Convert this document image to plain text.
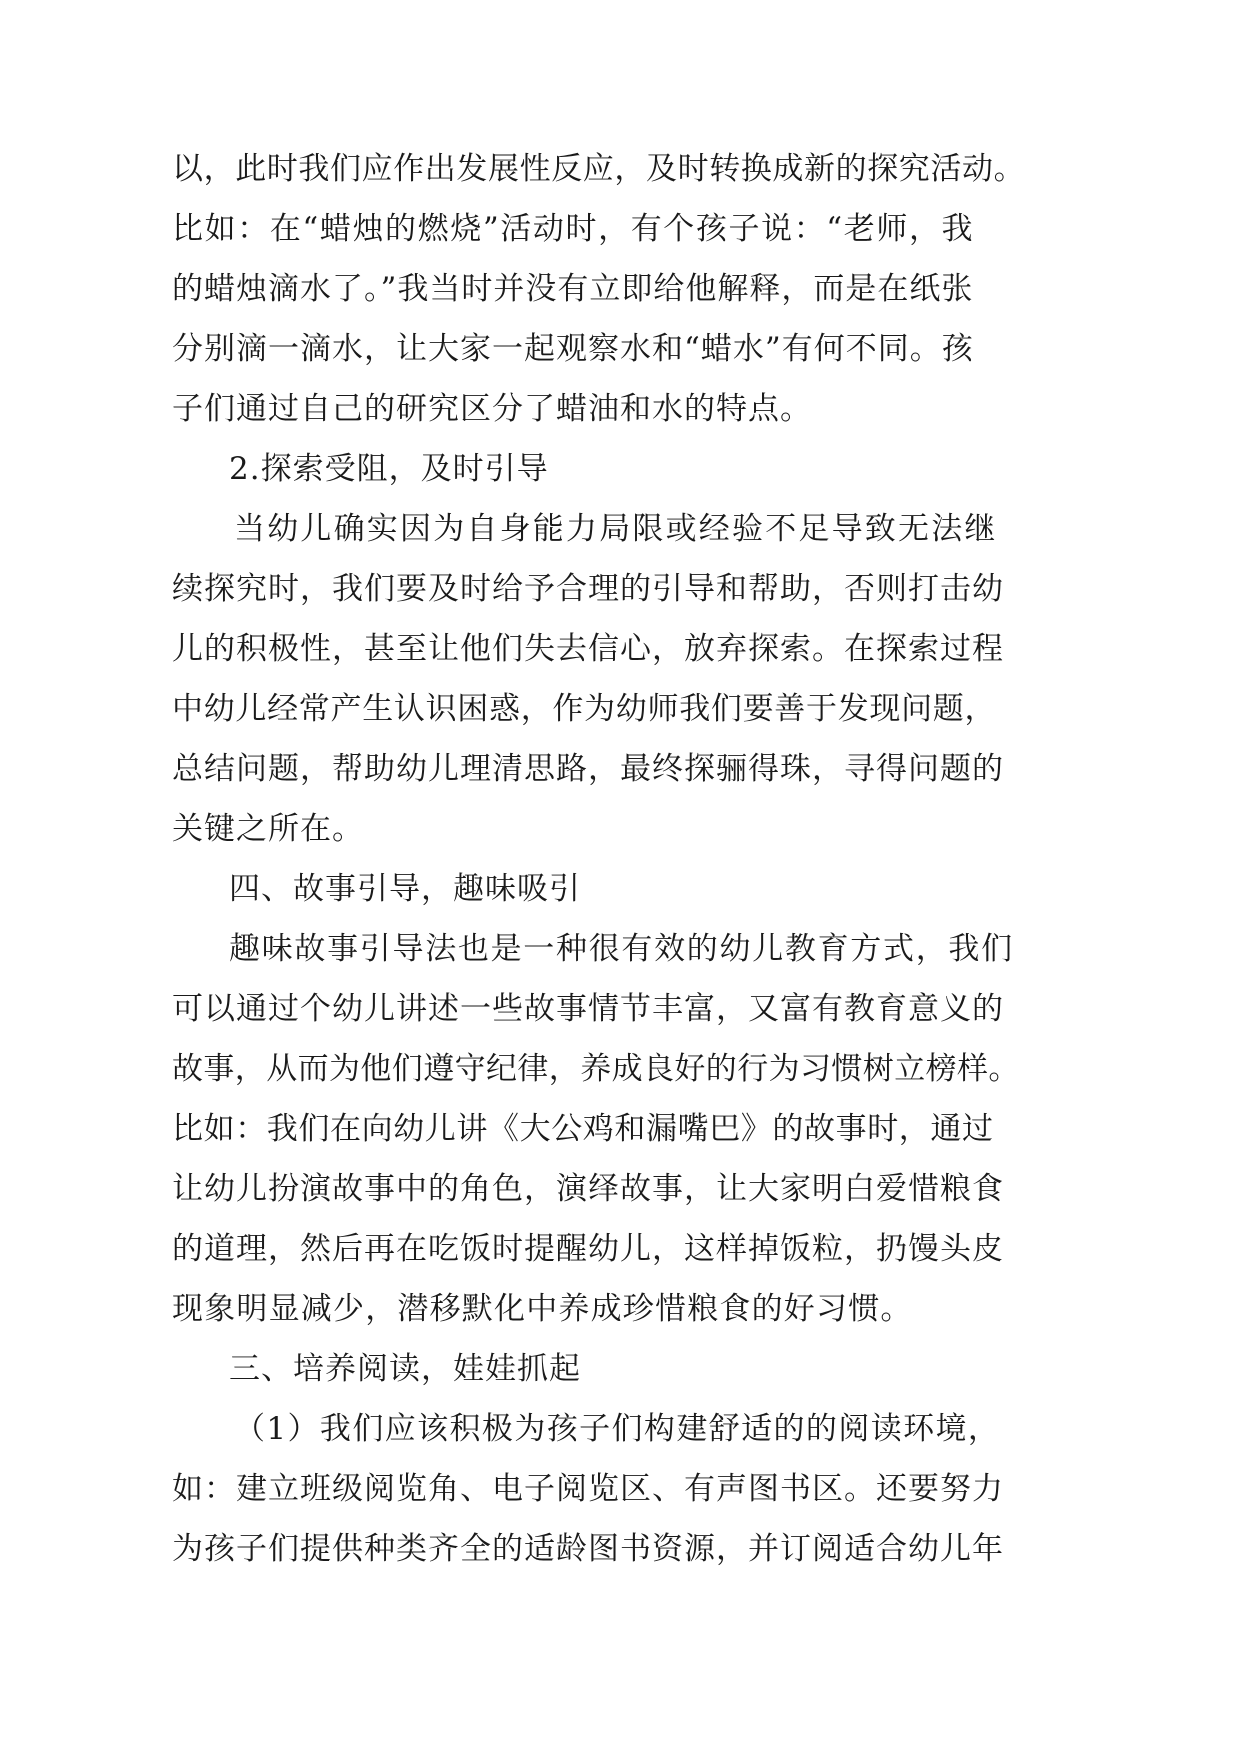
以，此时我们应作出发展性反应，及时转换成新的探究活动。
比如：在“蜡烛的燃烧”活动时，有个孩子说：“老师，我
的蜡烛滴水了。”我当时并没有立即给他解释，而是在纸张
分别滴一滴水，让大家一起观察水和“蜡水”有何不同。孩
子们通过自己的研究区分了蜡油和水的特点。
2.探索受阻，及时引导
当幼儿确实因为自身能力局限或经验不足导致无法继
续探究时，我们要及时给予合理的引导和帮助，否则打击幼
儿的积极性，甚至让他们失去信心，放弃探索。在探索过程
中幼儿经常产生认识困惑，作为幼师我们要善于发现问题，
总结问题，帮助幼儿理清思路，最终探骊得珠，寻得问题的
关键之所在。
四、故事引导，趣味吸引
趣味故事引导法也是一种很有效的幼儿教育方式，我们
可以通过个幼儿讲述一些故事情节丰富，又富有教育意义的
故事，从而为他们遵守纪律，养成良好的行为习惯树立榜样。
比如：我们在向幼儿讲《大公鸡和漏嘴巴》的故事时，通过
让幼儿扮演故事中的角色，演绎故事，让大家明白爱惜粮食
的道理，然后再在吃饭时提醒幼儿，这样掉饭粒，扔馒头皮
现象明显减少，潜移默化中养成珍惜粮食的好习惯。
三、培养阅读，娃娃抓起
（1）我们应该积极为孩子们构建舒适的的阅读环境，
如：建立班级阅览角、电子阅览区、有声图书区。还要努力
为孩子们提供种类齐全的适龄图书资源，并订阅适合幼儿年
